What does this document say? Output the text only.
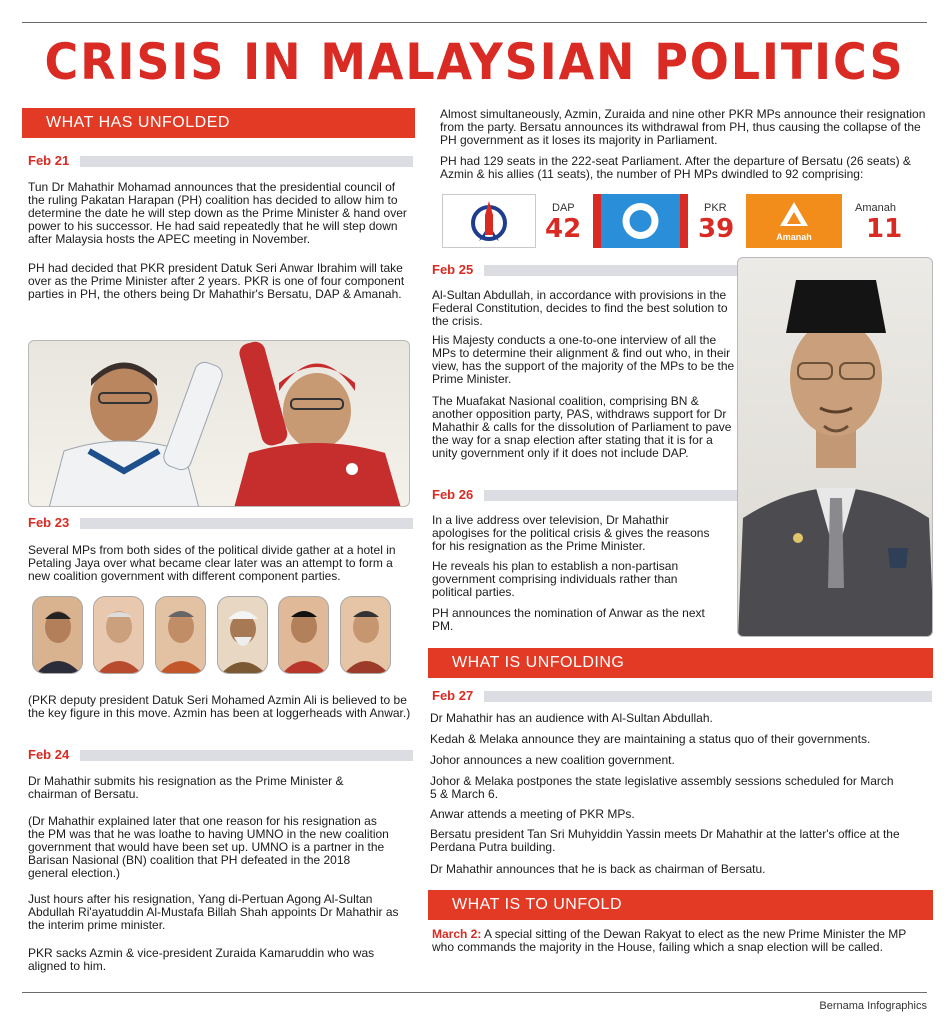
CRISIS IN MALAYSIAN POLITICS
WHAT HAS UNFOLDED
Feb 21
Tun Dr Mahathir Mohamad announces that the presidential council of the ruling Pakatan Harapan (PH) coalition has decided to allow him to determine the date he will step down as the Prime Minister & hand over power to his successor. He had said repeatedly that he will step down after Malaysia hosts the APEC meeting in November.
PH had decided that PKR president Datuk Seri Anwar Ibrahim will take over as the Prime Minister after 2 years. PKR is one of four component parties in PH, the others being Dr Mahathir's Bersatu, DAP & Amanah.
Feb 23
Several MPs from both sides of the political divide gather at a hotel in Petaling Jaya over what became clear later was an attempt to form a new coalition government with different component parties.
(PKR deputy president Datuk Seri Mohamed Azmin Ali is believed to be the key figure in this move. Azmin has been at loggerheads with Anwar.)
Feb 24
Dr Mahathir submits his resignation as the Prime Minister & chairman of Bersatu.
(Dr Mahathir explained later that one reason for his resignation as the PM was that he was loathe to having UMNO in the new coalition government that would have been set up. UMNO is a partner in the Barisan Nasional (BN) coalition that PH defeated in the 2018 general election.)
Just hours after his resignation, Yang di-Pertuan Agong Al-Sultan Abdullah Ri'ayatuddin Al-Mustafa Billah Shah appoints Dr Mahathir as the interim prime minister.
PKR sacks Azmin & vice-president Zuraida Kamaruddin who was aligned to him.
Almost simultaneously, Azmin, Zuraida and nine other PKR MPs announce their resignation from the party. Bersatu announces its withdrawal from PH, thus causing the collapse of the PH government as it loses its majority in Parliament.
PH had 129 seats in the 222-seat Parliament. After the departure of Bersatu (26 seats) & Azmin & his allies (11 seats), the number of PH MPs dwindled to 92 comprising:
DAP
42
PKR
39	Amanah
Amanah
11
Feb 25
Al-Sultan Abdullah, in accordance with provisions in the Federal Constitution, decides to find the best solution to the crisis.
His Majesty conducts a one-to-one interview of all the MPs to determine their alignment & find out who, in their view, has the support of the majority of the MPs to be the Prime Minister.
The Muafakat Nasional coalition, comprising BN & another opposition party, PAS, withdraws support for Dr Mahathir & calls for the dissolution of Parliament to pave the way for a snap election after stating that it is for a unity government only if it does not include DAP.
Feb 26
In a live address over television, Dr Mahathir apologises for the political crisis & gives the reasons for his resignation as the Prime Minister.
He reveals his plan to establish a non-partisan government comprising individuals rather than political parties.
PH announces the nomination of Anwar as the next PM.
WHAT IS UNFOLDING
Feb 27
Dr Mahathir has an audience with Al-Sultan Abdullah.
Kedah & Melaka announce they are maintaining a status quo of their governments.
Johor announces a new coalition government.
Johor & Melaka postpones the state legislative assembly sessions scheduled for March 5 & March 6.
Anwar attends a meeting of PKR MPs.
Bersatu president Tan Sri Muhyiddin Yassin meets Dr Mahathir at the latter's office at the Perdana Putra building.
Dr Mahathir announces that he is back as chairman of Bersatu.
WHAT IS TO UNFOLD
March 2: A special sitting of the Dewan Rakyat to elect as the new Prime Minister the MP who commands the majority in the House, failing which a snap election will be called.
Bernama Infographics
